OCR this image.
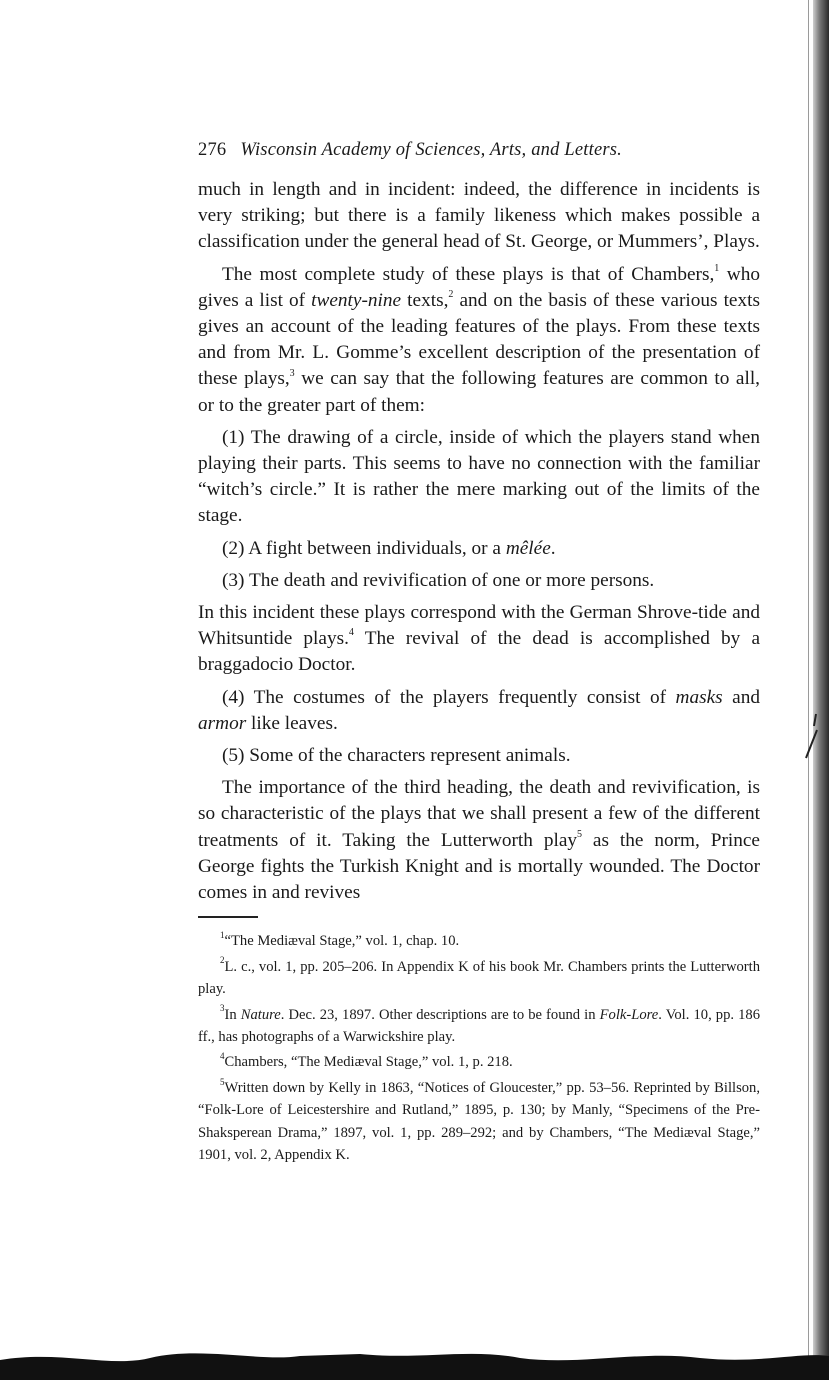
276 Wisconsin Academy of Sciences, Arts, and Letters.

much in length and in incident: indeed, the difference in incidents is very striking; but there is a family likeness which makes possible a classification under the general head of St. George, or Mummers’, Plays.

The most complete study of these plays is that of Chambers,$^1$ who gives a list of twenty-nine texts,$^2$ and on the basis of these various texts gives an account of the leading features of the plays. From these texts and from Mr. L. Gomme’s excellent description of the presentation of these plays,$^3$ we can say that the following features are common to all, or to the greater part of them:

(1) The drawing of a circle, inside of which the players stand when playing their parts. This seems to have no connection with the familiar “witch’s circle.” It is rather the mere marking out of the limits of the stage.

(2) A fight between individuals, or a mêlée.

(3) The death and revivification of one or more persons.

In this incident these plays correspond with the German Shrove-tide and Whitsuntide plays.$^4$ The revival of the dead is accomplished by a braggadocio Doctor.

(4) The costumes of the players frequently consist of masks and armor like leaves.

(5) Some of the characters represent animals.

The importance of the third heading, the death and revivification, is so characteristic of the plays that we shall present a few of the different treatments of it. Taking the Lutterworth play$^5$ as the norm, Prince George fights the Turkish Knight and is mortally wounded. The Doctor comes in and revives

$^1$“The Mediæval Stage,” vol. 1, chap. 10.

$^2$L. c., vol. 1, pp. 205–206. In Appendix K of his book Mr. Chambers prints the Lutterworth play.

$^3$In Nature. Dec. 23, 1897. Other descriptions are to be found in Folk-Lore. Vol. 10, pp. 186 ff., has photographs of a Warwickshire play.

$^4$Chambers, “The Mediæval Stage,” vol. 1, p. 218.

$^5$Written down by Kelly in 1863, “Notices of Gloucester,” pp. 53–56. Reprinted by Billson, “Folk-Lore of Leicestershire and Rutland,” 1895, p. 130; by Manly, “Specimens of the Pre-Shaksperean Drama,” 1897, vol. 1, pp. 289–292; and by Chambers, “The Mediæval Stage,” 1901, vol. 2, Appendix K.
